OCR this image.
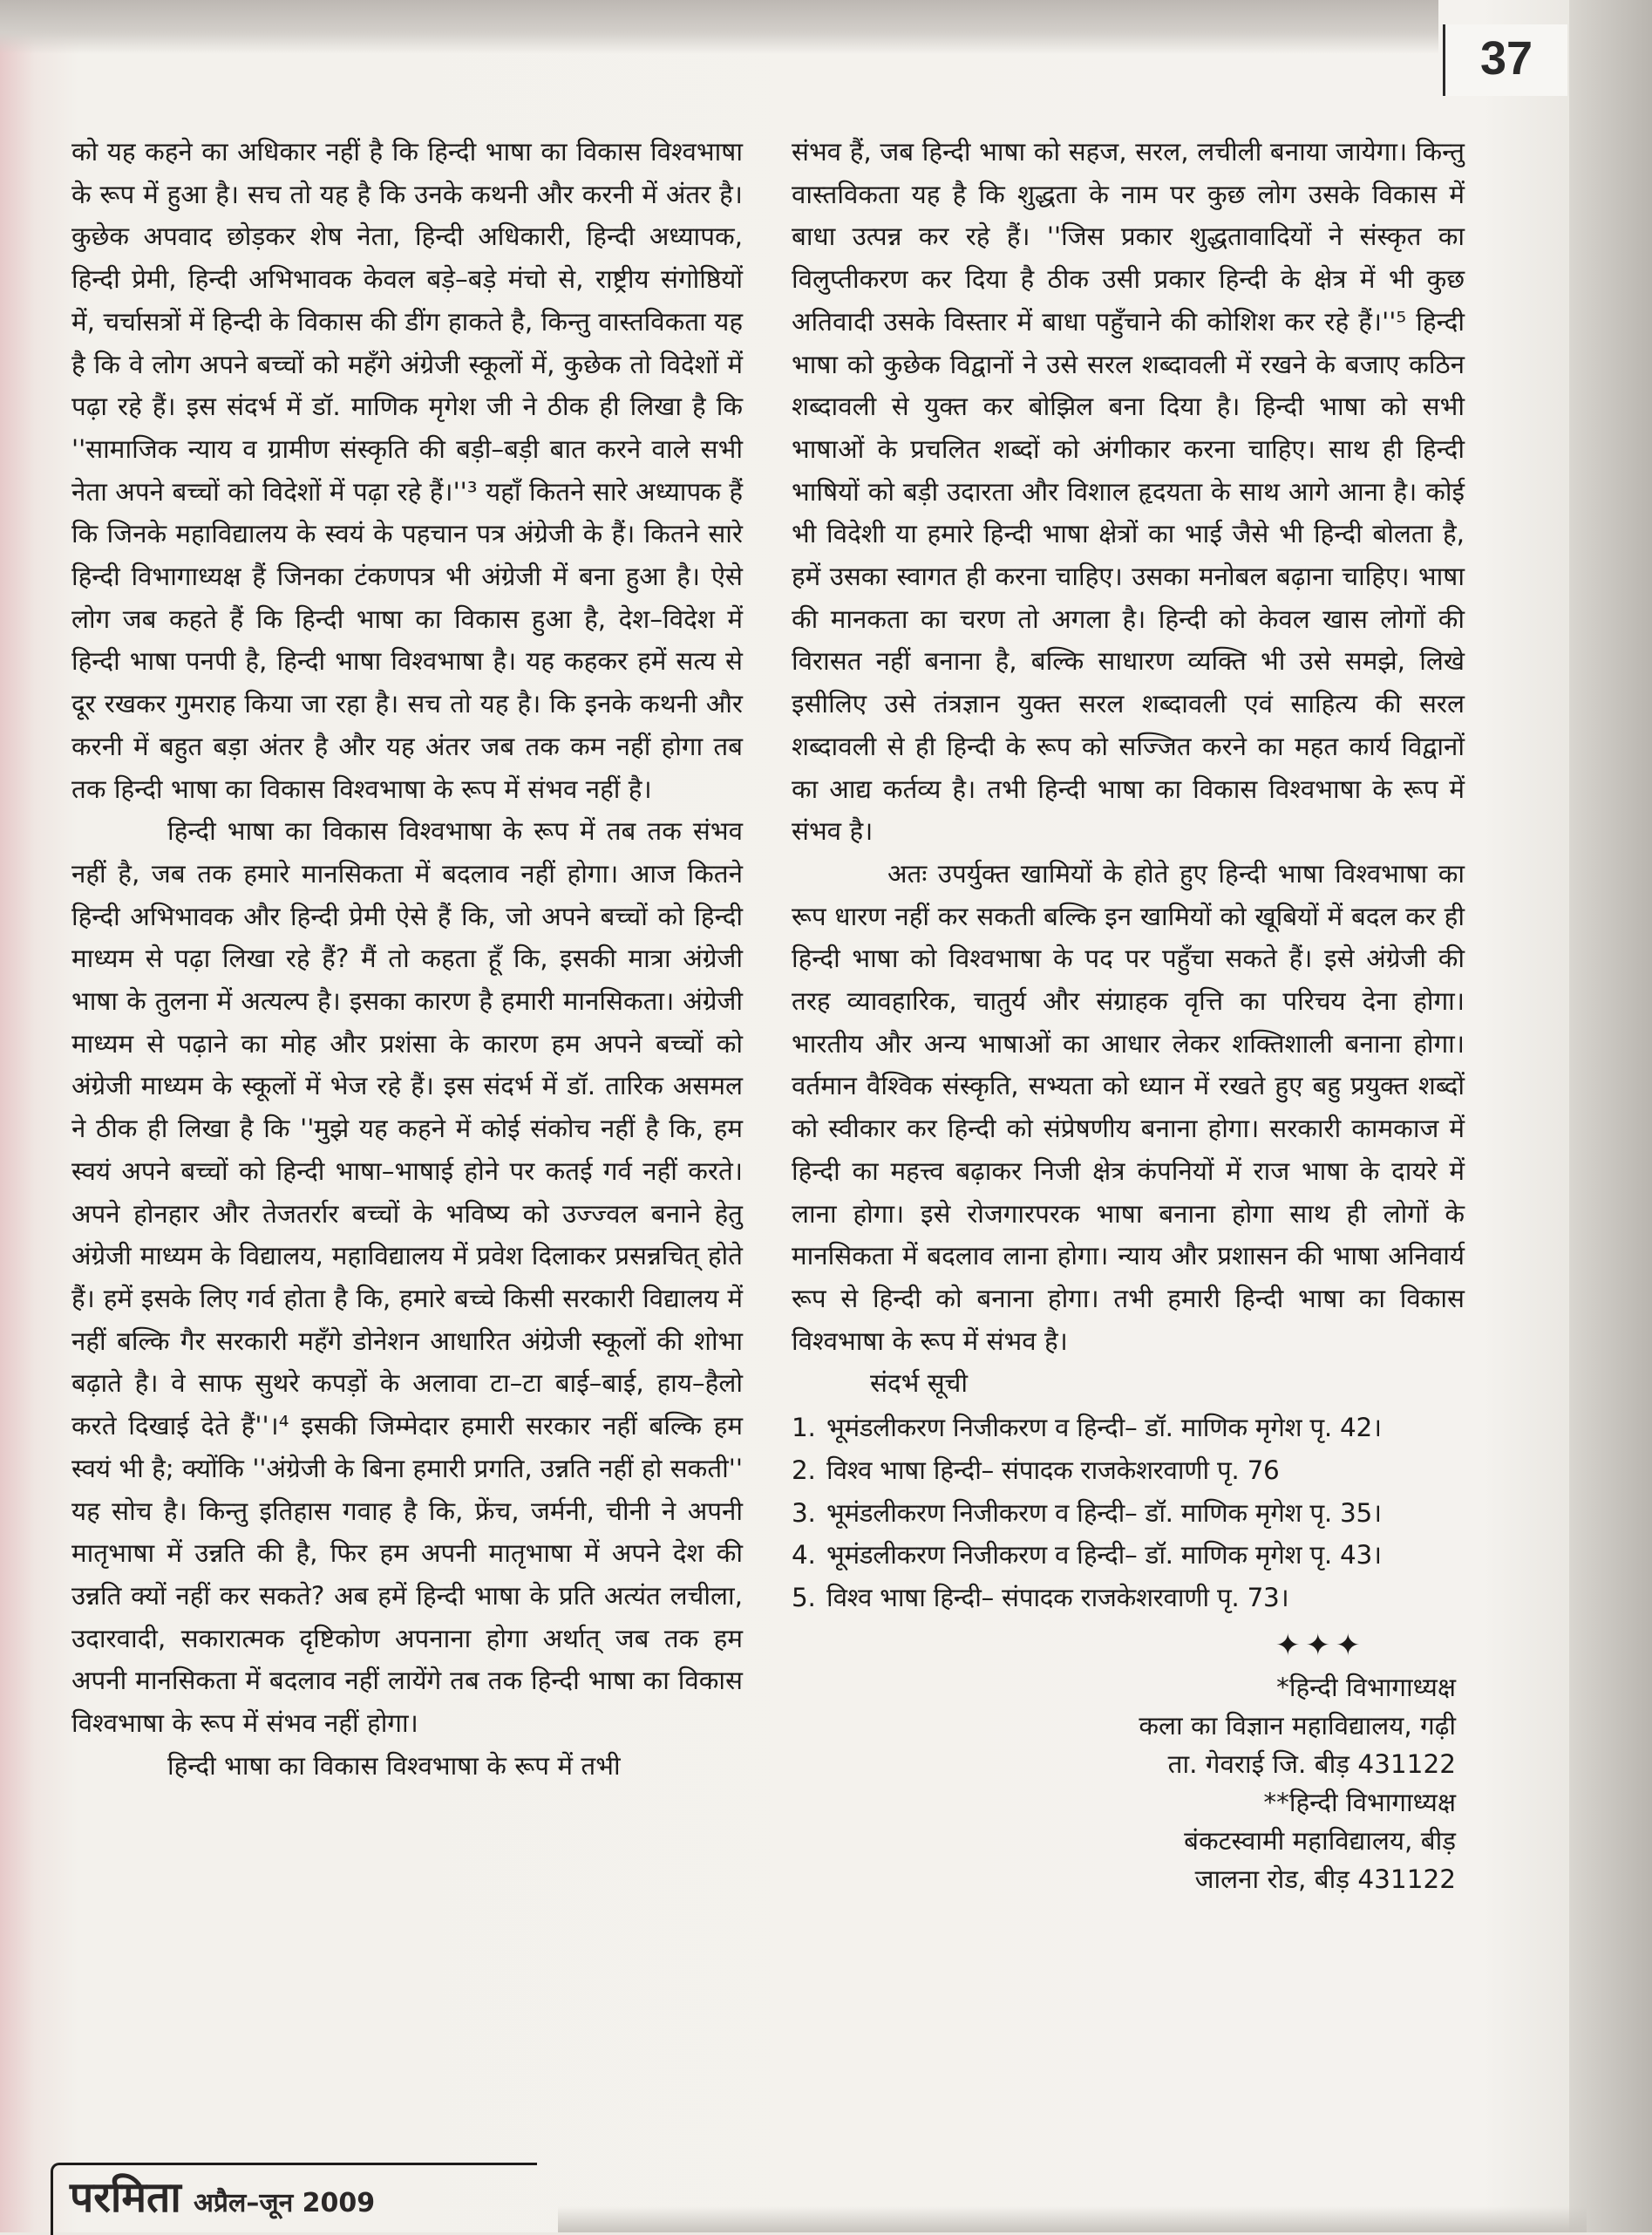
37

को यह कहने का अधिकार नहीं है कि हिन्दी भाषा का विकास विश्वभाषा के रूप में हुआ है। सच तो यह है कि उनके कथनी और करनी में अंतर है। कुछेक अपवाद छोड़कर शेष नेता, हिन्दी अधिकारी, हिन्दी अध्यापक, हिन्दी प्रेमी, हिन्दी अभिभावक केवल बड़े–बड़े मंचो से, राष्ट्रीय संगोष्ठियों में, चर्चासत्रों में हिन्दी के विकास की डींग हाकते है, किन्तु वास्तविकता यह है कि वे लोग अपने बच्चों को महँगे अंग्रेजी स्कूलों में, कुछेक तो विदेशों में पढ़ा रहे हैं। इस संदर्भ में डॉ. माणिक मृगेश जी ने ठीक ही लिखा है कि ''सामाजिक न्याय व ग्रामीण संस्कृति की बड़ी–बड़ी बात करने वाले सभी नेता अपने बच्चों को विदेशों में पढ़ा रहे हैं।''³ यहाँ कितने सारे अध्यापक हैं कि जिनके महाविद्यालय के स्वयं के पहचान पत्र अंग्रेजी के हैं। कितने सारे हिन्दी विभागाध्यक्ष हैं जिनका टंकणपत्र भी अंग्रेजी में बना हुआ है। ऐसे लोग जब कहते हैं कि हिन्दी भाषा का विकास हुआ है, देश–विदेश में हिन्दी भाषा पनपी है, हिन्दी भाषा विश्वभाषा है। यह कहकर हमें सत्य से दूर रखकर गुमराह किया जा रहा है। सच तो यह है। कि इनके कथनी और करनी में बहुत बड़ा अंतर है और यह अंतर जब तक कम नहीं होगा तब तक हिन्दी भाषा का विकास विश्वभाषा के रूप में संभव नहीं है।

हिन्दी भाषा का विकास विश्वभाषा के रूप में तब तक संभव नहीं है, जब तक हमारे मानसिकता में बदलाव नहीं होगा। आज कितने हिन्दी अभिभावक और हिन्दी प्रेमी ऐसे हैं कि, जो अपने बच्चों को हिन्दी माध्यम से पढ़ा लिखा रहे हैं? मैं तो कहता हूँ कि, इसकी मात्रा अंग्रेजी भाषा के तुलना में अत्यल्प है। इसका कारण है हमारी मानसिकता। अंग्रेजी माध्यम से पढ़ाने का मोह और प्रशंसा के कारण हम अपने बच्चों को अंग्रेजी माध्यम के स्कूलों में भेज रहे हैं। इस संदर्भ में डॉ. तारिक असमल ने ठीक ही लिखा है कि ''मुझे यह कहने में कोई संकोच नहीं है कि, हम स्वयं अपने बच्चों को हिन्दी भाषा–भाषाई होने पर कतई गर्व नहीं करते। अपने होनहार और तेजतर्रार बच्चों के भविष्य को उज्ज्वल बनाने हेतु अंग्रेजी माध्यम के विद्यालय, महाविद्यालय में प्रवेश दिलाकर प्रसन्नचित् होते हैं। हमें इसके लिए गर्व होता है कि, हमारे बच्चे किसी सरकारी विद्यालय में नहीं बल्कि गैर सरकारी महँगे डोनेशन आधारित अंग्रेजी स्कूलों की शोभा बढ़ाते है। वे साफ सुथरे कपड़ों के अलावा टा–टा बाई–बाई, हाय–हैलो करते दिखाई देते हैं''।⁴ इसकी जिम्मेदार हमारी सरकार नहीं बल्कि हम स्वयं भी है; क्योंकि ''अंग्रेजी के बिना हमारी प्रगति, उन्नति नहीं हो सकती'' यह सोच है। किन्तु इतिहास गवाह है कि, फ्रेंच, जर्मनी, चीनी ने अपनी मातृभाषा में उन्नति की है, फिर हम अपनी मातृभाषा में अपने देश की उन्नति क्यों नहीं कर सकते? अब हमें हिन्दी भाषा के प्रति अत्यंत लचीला, उदारवादी, सकारात्मक दृष्टिकोण अपनाना होगा अर्थात् जब तक हम अपनी मानसिकता में बदलाव नहीं लायेंगे तब तक हिन्दी भाषा का विकास विश्वभाषा के रूप में संभव नहीं होगा।

हिन्दी भाषा का विकास विश्वभाषा के रूप में तभी

संभव हैं, जब हिन्दी भाषा को सहज, सरल, लचीली बनाया जायेगा। किन्तु वास्तविकता यह है कि शुद्धता के नाम पर कुछ लोग उसके विकास में बाधा उत्पन्न कर रहे हैं। ''जिस प्रकार शुद्धतावादियों ने संस्कृत का विलुप्तीकरण कर दिया है ठीक उसी प्रकार हिन्दी के क्षेत्र में भी कुछ अतिवादी उसके विस्तार में बाधा पहुँचाने की कोशिश कर रहे हैं।''⁵ हिन्दी भाषा को कुछेक विद्वानों ने उसे सरल शब्दावली में रखने के बजाए कठिन शब्दावली से युक्त कर बोझिल बना दिया है। हिन्दी भाषा को सभी भाषाओं के प्रचलित शब्दों को अंगीकार करना चाहिए। साथ ही हिन्दी भाषियों को बड़ी उदारता और विशाल हृदयता के साथ आगे आना है। कोई भी विदेशी या हमारे हिन्दी भाषा क्षेत्रों का भाई जैसे भी हिन्दी बोलता है, हमें उसका स्वागत ही करना चाहिए। उसका मनोबल बढ़ाना चाहिए। भाषा की मानकता का चरण तो अगला है। हिन्दी को केवल खास लोगों की विरासत नहीं बनाना है, बल्कि साधारण व्यक्ति भी उसे समझे, लिखे इसीलिए उसे तंत्रज्ञान युक्त सरल शब्दावली एवं साहित्य की सरल शब्दावली से ही हिन्दी के रूप को सज्जित करने का महत कार्य विद्वानों का आद्य कर्तव्य है। तभी हिन्दी भाषा का विकास विश्वभाषा के रूप में संभव है।

अतः उपर्युक्त खामियों के होते हुए हिन्दी भाषा विश्वभाषा का रूप धारण नहीं कर सकती बल्कि इन खामियों को खूबियों में बदल कर ही हिन्दी भाषा को विश्वभाषा के पद पर पहुँचा सकते हैं। इसे अंग्रेजी की तरह व्यावहारिक, चातुर्य और संग्राहक वृत्ति का परिचय देना होगा। भारतीय और अन्य भाषाओं का आधार लेकर शक्तिशाली बनाना होगा। वर्तमान वैश्विक संस्कृति, सभ्यता को ध्यान में रखते हुए बहु प्रयुक्त शब्दों को स्वीकार कर हिन्दी को संप्रेषणीय बनाना होगा। सरकारी कामकाज में हिन्दी का महत्त्व बढ़ाकर निजी क्षेत्र कंपनियों में राज भाषा के दायरे में लाना होगा। इसे रोजगारपरक भाषा बनाना होगा साथ ही लोगों के मानसिकता में बदलाव लाना होगा। न्याय और प्रशासन की भाषा अनिवार्य रूप से हिन्दी को बनाना होगा। तभी हमारी हिन्दी भाषा का विकास विश्वभाषा के रूप में संभव है।

संदर्भ सूची

1. भूमंडलीकरण निजीकरण व हिन्दी– डॉ. माणिक मृगेश पृ. 42।
2. विश्व भाषा हिन्दी– संपादक राजकेशरवाणी पृ. 76
3. भूमंडलीकरण निजीकरण व हिन्दी– डॉ. माणिक मृगेश पृ. 35।
4. भूमंडलीकरण निजीकरण व हिन्दी– डॉ. माणिक मृगेश पृ. 43।
5. विश्व भाषा हिन्दी– संपादक राजकेशरवाणी पृ. 73।
✦✦✦

*हिन्दी विभागाध्यक्ष

कला का विज्ञान महाविद्यालय, गढ़ी

ता. गेवराई जि. बीड़ 431122

**हिन्दी विभागाध्यक्ष

बंकटस्वामी महाविद्यालय, बीड़

जालना रोड, बीड़ 431122

परमिता अप्रैल–जून 2009
